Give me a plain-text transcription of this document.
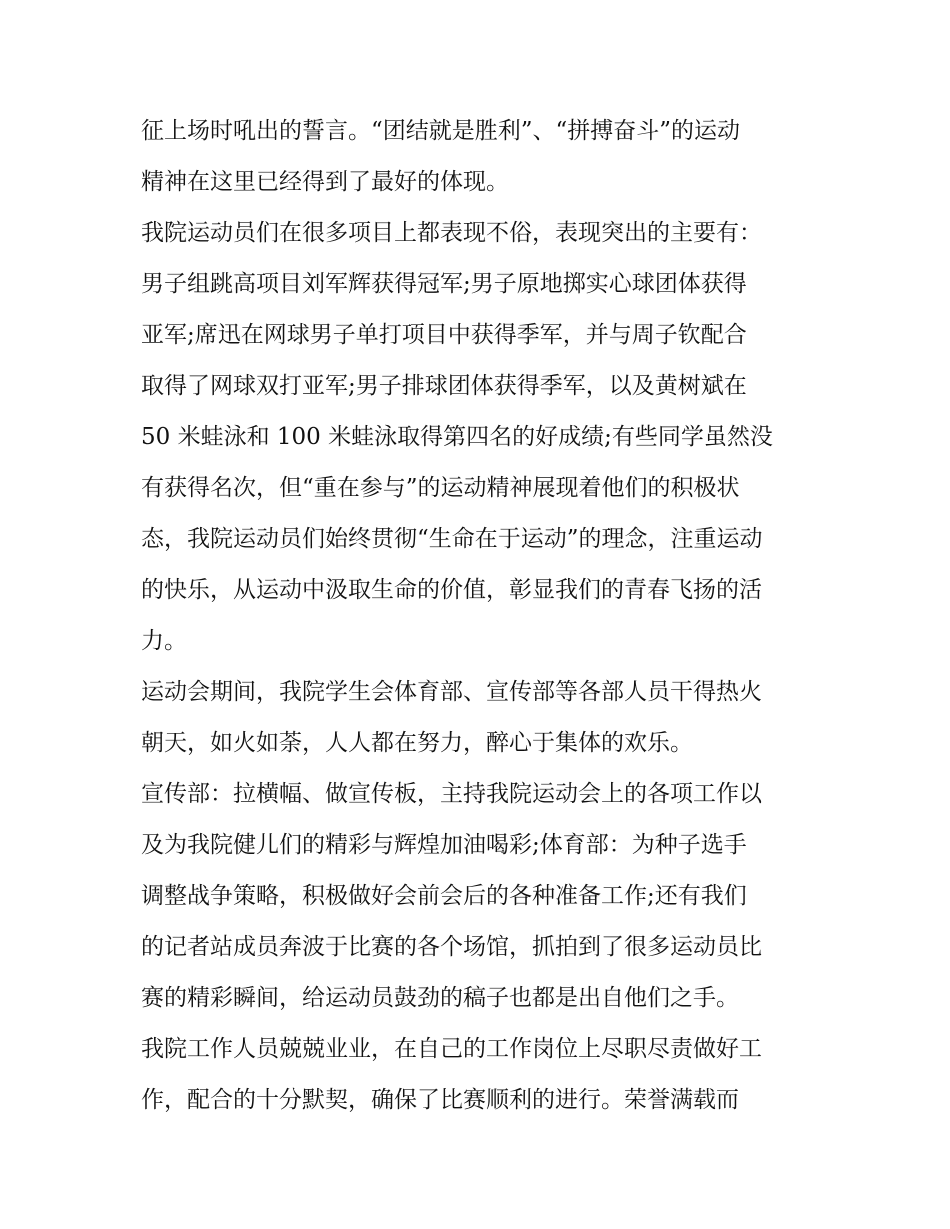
征上场时吼出的誓言。“团结就是胜利”、“拼搏奋斗”的运动
精神在这里已经得到了最好的体现。
我院运动员们在很多项目上都表现不俗，表现突出的主要有：
男子组跳高项目刘军辉获得冠军;男子原地掷实心球团体获得
亚军;席迅在网球男子单打项目中获得季军，并与周子钦配合
取得了网球双打亚军;男子排球团体获得季军，以及黄树斌在
50 米蛙泳和 100 米蛙泳取得第四名的好成绩;有些同学虽然没
有获得名次，但“重在参与”的运动精神展现着他们的积极状
态，我院运动员们始终贯彻“生命在于运动”的理念，注重运动
的快乐，从运动中汲取生命的价值，彰显我们的青春飞扬的活
力。
运动会期间，我院学生会体育部、宣传部等各部人员干得热火
朝天，如火如荼，人人都在努力，醉心于集体的欢乐。
宣传部：拉横幅、做宣传板，主持我院运动会上的各项工作以
及为我院健儿们的精彩与辉煌加油喝彩;体育部：为种子选手
调整战争策略，积极做好会前会后的各种准备工作;还有我们
的记者站成员奔波于比赛的各个场馆，抓拍到了很多运动员比
赛的精彩瞬间，给运动员鼓劲的稿子也都是出自他们之手。
我院工作人员兢兢业业，在自己的工作岗位上尽职尽责做好工
作，配合的十分默契，确保了比赛顺利的进行。荣誉满载而
